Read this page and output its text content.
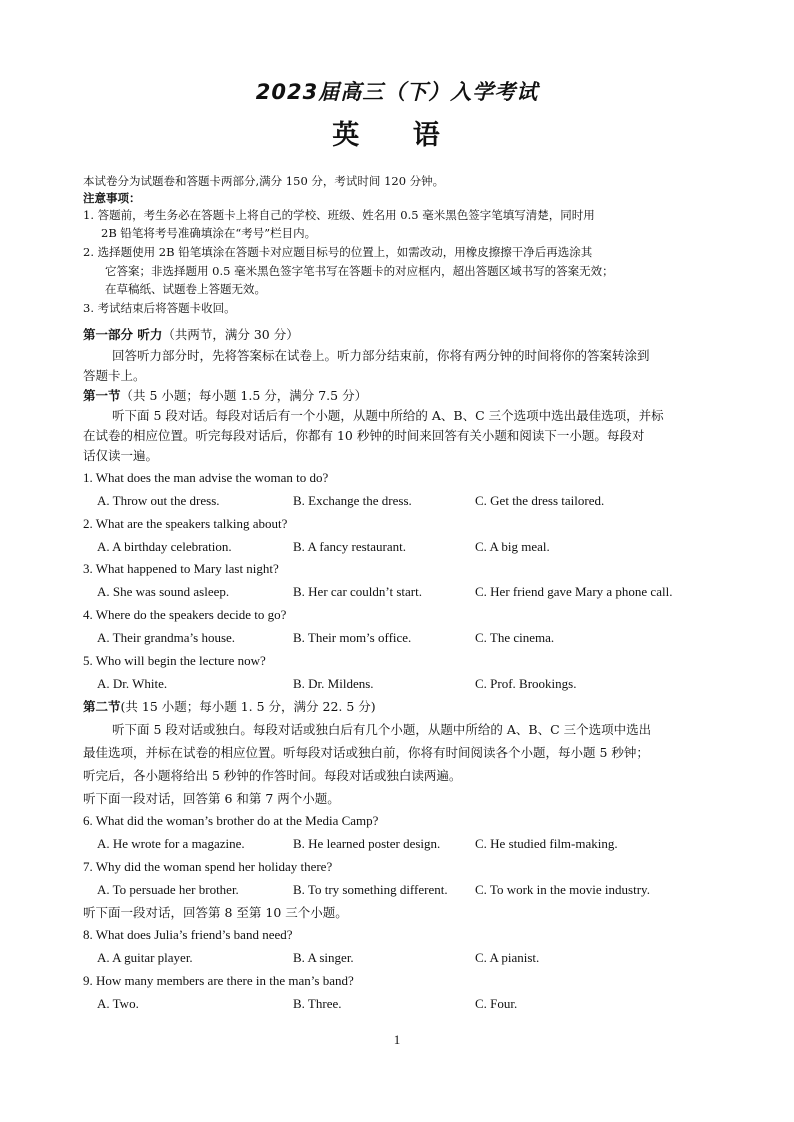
2023届高三（下）入学考试
英 语
本试卷分为试题卷和答题卡两部分,满分 150 分，考试时间 120 分钟。
注意事项：
1. 答题前，考生务必在答题卡上将自己的学校、班级、姓名用 0.5 毫米黑色签字笔填写清楚，同时用
2B 铅笔将考号准确填涂在“考号”栏目内。
2. 选择题使用 2B 铅笔填涂在答题卡对应题目标号的位置上，如需改动，用橡皮擦擦干净后再选涂其
它答案；非选择题用 0.5 毫米黑色签字笔书写在答题卡的对应框内，超出答题区域书写的答案无效；
在草稿纸、试题卷上答题无效。
3. 考试结束后将答题卡收回。
第一部分 听力（共两节，满分 30 分）
回答听力部分时，先将答案标在试卷上。听力部分结束前，你将有两分钟的时间将你的答案转涂到
答题卡上。
第一节（共 5 小题；每小题 1.5 分，满分 7.5 分）
听下面 5 段对话。每段对话后有一个小题，从题中所给的 A、B、C 三个选项中选出最佳选项，并标
在试卷的相应位置。听完每段对话后，你都有 10 秒钟的时间来回答有关小题和阅读下一小题。每段对
话仅读一遍。
1. What does the man advise the woman to do?
A. Throw out the dress.	B. Exchange the dress.	C. Get the dress tailored.
2. What are the speakers talking about?
A. A birthday celebration.	B. A fancy restaurant.	C. A big meal.
3. What happened to Mary last night?
A. She was sound asleep.	B. Her car couldn’t start.	C. Her friend gave Mary a phone call.
4. Where do the speakers decide to go?
A. Their grandma’s house.	B. Their mom’s office.	C. The cinema.
5. Who will begin the lecture now?
A. Dr. White.	B. Dr. Mildens.	C. Prof. Brookings.
第二节(共 15 小题；每小题 1. 5 分，满分 22. 5 分)
听下面 5 段对话或独白。每段对话或独白后有几个小题，从题中所给的 A、B、C 三个选项中选出
最佳选项，并标在试卷的相应位置。听每段对话或独白前，你将有时间阅读各个小题，每小题 5 秒钟；
听完后，各小题将给出 5 秒钟的作答时间。每段对话或独白读两遍。
听下面一段对话，回答第 6 和第 7 两个小题。
6. What did the woman’s brother do at the Media Camp?
A. He wrote for a magazine.	B. He learned poster design.	C. He studied film-making.
7. Why did the woman spend her holiday there?
A. To persuade her brother.	B. To try something different. C. To work in the movie industry.
听下面一段对话，回答第 8 至第 10 三个小题。
8. What does Julia’s friend’s band need?
A. A guitar player.	B. A singer.	C. A pianist.
9. How many members are there in the man’s band?
A. Two.	B. Three.	C. Four.
1
